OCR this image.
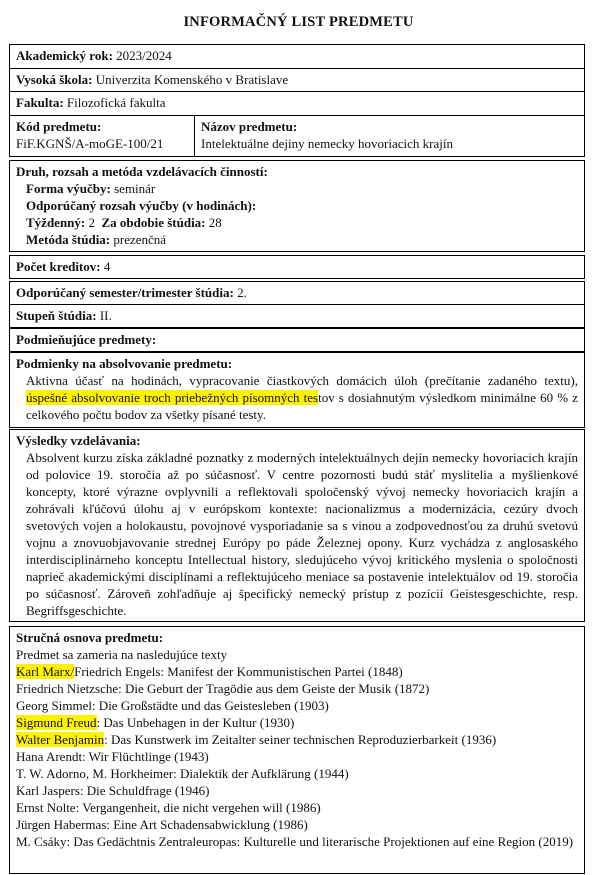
INFORMAČNÝ LIST PREDMETU
Akademický rok: 2023/2024
Vysoká škola: Univerzita Komenského v Bratislave
Fakulta: Filozofická fakulta
Kód predmetu:
FiF.KGNŠ/A-moGE-100/21
Názov predmetu:
Intelektuálne dejiny nemecky hovoriacich krajín
Druh, rozsah a metóda vzdelávacích činností:
Forma výučby: seminár
Odporúčaný rozsah výučby (v hodinách):
Týždenný: 2 Za obdobie štúdia: 28
Metóda štúdia: prezenčná
Počet kreditov: 4
Odporúčaný semester/trimester štúdia: 2.
Stupeň štúdia: II.
Podmieňujúce predmety:
Podmienky na absolvovanie predmetu:
Aktivna účasť na hodinách, vypracovanie čiastkových domácich úloh (prečítanie zadaného textu), úspešné absolvovanie troch priebežných písomných testov s dosiahnutým výsledkom minimálne 60 % z celkového počtu bodov za všetky písané testy.
Výsledky vzdelávania:
Absolvent kurzu získa základné poznatky z moderných intelektuálnych dejín nemecky hovoriacich krajín od polovice 19. storočia až po súčasnosť. V centre pozornosti budú stáť myslitelia a myšlienkové koncepty, ktoré výrazne ovplyvnili a reflektovali spoločenský vývoj nemecky hovoriacich krajín a zohrávali kľúčovú úlohu aj v európskom kontexte: nacionalizmus a modernizácia, cezúry dvoch svetových vojen a holokaustu, povojnové vysporiadanie sa s vinou a zodpovednosťou za druhú svetovú vojnu a znovuobjavovanie strednej Európy po páde Železnej opony. Kurz vychádza z anglosaského interdisciplinárneho konceptu Intellectual history, sledujúceho vývoj kritického myslenia o spoločnosti naprieč akademickými disciplínami a reflektujúceho meniace sa postavenie intelektuálov od 19. storočia po súčasnosť. Zároveň zohľadňuje aj špecifický nemecký prístup z pozícií Geistesgeschichte, resp. Begriffsgeschichte.
Stručná osnova predmetu:
Predmet sa zameria na nasledujúce texty
Karl Marx/Friedrich Engels: Manifest der Kommunistischen Partei (1848)
Friedrich Nietzsche: Die Geburt der Tragödie aus dem Geiste der Musik (1872)
Georg Simmel: Die Großstädte und das Geistesleben (1903)
Sigmund Freud: Das Unbehagen in der Kultur (1930)
Walter Benjamin: Das Kunstwerk im Zeitalter seiner technischen Reproduzierbarkeit (1936)
Hana Arendt: Wir Flüchtlinge (1943)
T. W. Adorno, M. Horkheimer: Dialektik der Aufklärung (1944)
Karl Jaspers: Die Schuldfrage (1946)
Ernst Nolte: Vergangenheit, die nicht vergehen will (1986)
Jürgen Habermas: Eine Art Schadensabwicklung (1986)
M. Csáky: Das Gedächtnis Zentraleuropas: Kulturelle und literarische Projektionen auf eine Region (2019)
